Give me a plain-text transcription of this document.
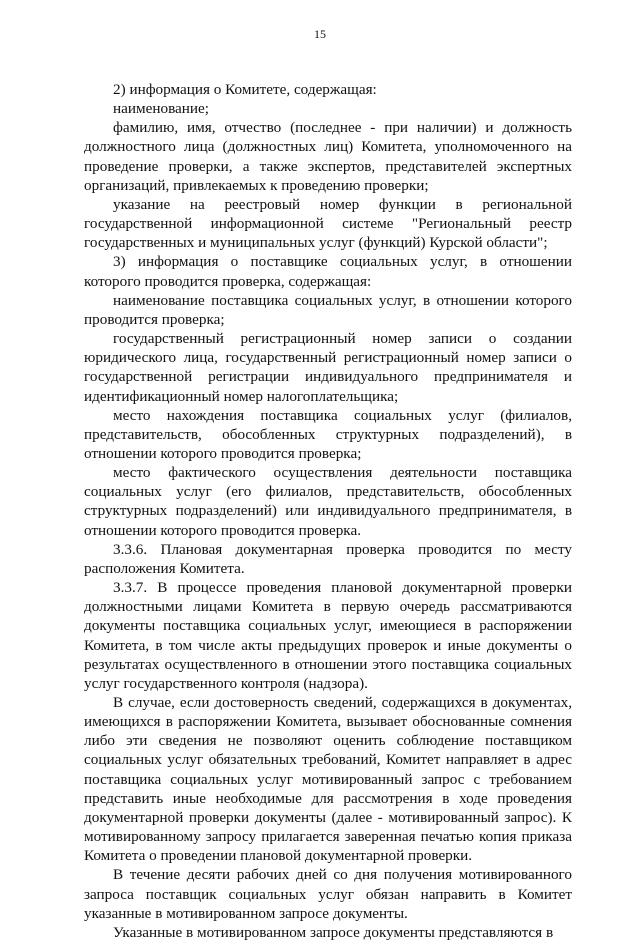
15

2) информация о Комитете, содержащая:

наименование;

фамилию, имя, отчество (последнее - при наличии) и должность должностного лица (должностных лиц) Комитета, уполномоченного на проведение проверки, а также экспертов, представителей экспертных организаций, привлекаемых к проведению проверки;

указание на реестровый номер функции в региональной государственной информационной системе "Региональный реестр государственных и муниципальных услуг (функций) Курской области";

3) информация о поставщике социальных услуг, в отношении которого проводится проверка, содержащая:

наименование поставщика социальных услуг, в отношении которого проводится проверка;

государственный регистрационный номер записи о создании юридического лица, государственный регистрационный номер записи о государственной регистрации индивидуального предпринимателя и идентификационный номер налогоплательщика;

место нахождения поставщика социальных услуг (филиалов, представительств, обособленных структурных подразделений), в отношении которого проводится проверка;

место фактического осуществления деятельности поставщика социальных услуг (его филиалов, представительств, обособленных структурных подразделений) или индивидуального предпринимателя, в отношении которого проводится проверка.

3.3.6. Плановая документарная проверка проводится по месту расположения Комитета.

3.3.7. В процессе проведения плановой документарной проверки должностными лицами Комитета в первую очередь рассматриваются документы поставщика социальных услуг, имеющиеся в распоряжении Комитета, в том числе акты предыдущих проверок и иные документы о результатах осуществленного в отношении этого поставщика социальных услуг государственного контроля (надзора).

В случае, если достоверность сведений, содержащихся в документах, имеющихся в распоряжении Комитета, вызывает обоснованные сомнения либо эти сведения не позволяют оценить соблюдение поставщиком социальных услуг обязательных требований, Комитет направляет в адрес поставщика социальных услуг мотивированный запрос с требованием представить иные необходимые для рассмотрения в ходе проведения документарной проверки документы (далее - мотивированный запрос). К мотивированному запросу прилагается заверенная печатью копия приказа Комитета о проведении плановой документарной проверки.

В течение десяти рабочих дней со дня получения мотивированного запроса поставщик социальных услуг обязан направить в Комитет указанные в мотивированном запросе документы.

Указанные в мотивированном запросе документы представляются в
